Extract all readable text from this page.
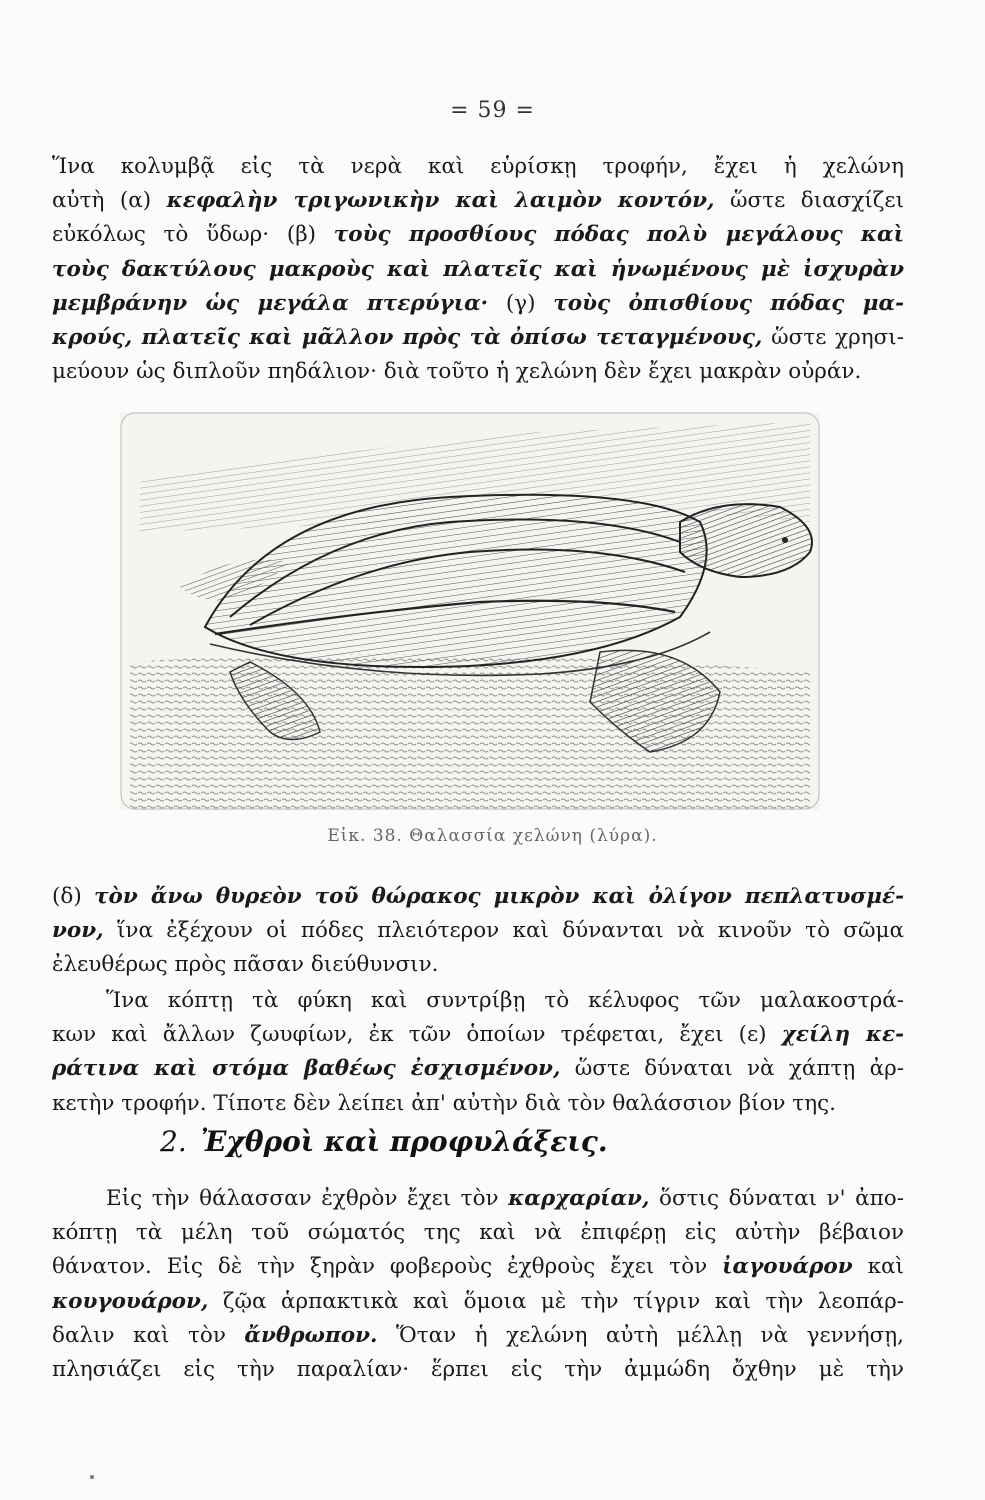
= 59 =
Ἵνα κολυμβᾷ εἰς τὰ νερὰ καὶ εὑρίσκῃ τροφήν, ἔχει ἡ χελώνη
αὐτὴ (α) κεφαλὴν τριγωνικὴν καὶ λαιμὸν κοντόν, ὥστε διασχίζει
εὐκόλως τὸ ὕδωρ· (β) τοὺς προσθίους πόδας πολὺ μεγάλους καὶ
τοὺς δακτύλους μακροὺς καὶ πλατεῖς καὶ ἡνωμένους μὲ ἰσχυρὰν
μεμβράνην ὡς μεγάλα πτερύγια· (γ) τοὺς ὀπισθίους πόδας μα-
κρούς, πλατεῖς καὶ μᾶλλον πρὸς τὰ ὀπίσω τεταγμένους, ὥστε χρησι-
μεύουν ὡς διπλοῦν πηδάλιον· διὰ τοῦτο ἡ χελώνη δὲν ἔχει μακρὰν οὐράν.
Εἰκ. 38. Θαλασσία χελώνη (λύρα).
(δ) τὸν ἄνω θυρεὸν τοῦ θώρακος μικρὸν καὶ ὀλίγον πεπλατυσμέ-
νον, ἵνα ἐξέχουν οἱ πόδες πλειότερον καὶ δύνανται νὰ κινοῦν τὸ σῶμα
ἐλευθέρως πρὸς πᾶσαν διεύθυνσιν.
Ἵνα κόπτῃ τὰ φύκη καὶ συντρίβῃ τὸ κέλυφος τῶν μαλακοστρά-
κων καὶ ἄλλων ζωυφίων, ἐκ τῶν ὁποίων τρέφεται, ἔχει (ε) χείλη κε-
ράτινα καὶ στόμα βαθέως ἐσχισμένον, ὥστε δύναται νὰ χάπτῃ ἀρ-
κετὴν τροφήν. Τίποτε δὲν λείπει ἀπ' αὐτὴν διὰ τὸν θαλάσσιον βίον της.
2. Ἐχθροὶ καὶ προφυλάξεις.
Εἰς τὴν θάλασσαν ἐχθρὸν ἔχει τὸν καρχαρίαν, ὅστις δύναται ν' ἀπο-
κόπτῃ τὰ μέλη τοῦ σώματός της καὶ νὰ ἐπιφέρῃ εἰς αὐτὴν βέβαιον
θάνατον. Εἰς δὲ τὴν ξηρὰν φοβεροὺς ἐχθροὺς ἔχει τὸν ἰαγουάρον καὶ
κουγουάρον, ζῷα ἁρπακτικὰ καὶ ὅμοια μὲ τὴν τίγριν καὶ τὴν λεοπάρ-
δαλιν καὶ τὸν ἄνθρωπον. Ὅταν ἡ χελώνη αὐτὴ μέλλῃ νὰ γεννήσῃ,
πλησιάζει εἰς τὴν παραλίαν· ἕρπει εἰς τὴν ἀμμώδη ὄχθην μὲ τὴν
